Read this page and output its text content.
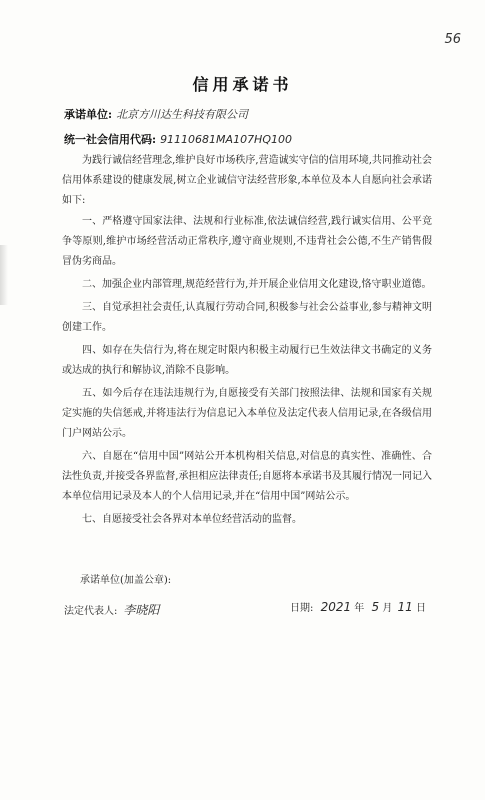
56
信用承诺书
承诺单位: 北京方川达生科技有限公司
统一社会信用代码: 91110681MA107HQ100

为践行诚信经营理念,维护良好市场秩序,营造诚实守信的信用环境,共同推动社会信用体系建设的健康发展,树立企业诚信守法经营形象,本单位及本人自愿向社会承诺如下:

一、严格遵守国家法律、法规和行业标准,依法诚信经营,践行诚实信用、公平竞争等原则,维护市场经营活动正常秩序,遵守商业规则,不违背社会公德,不生产销售假冒伪劣商品。

二、加强企业内部管理,规范经营行为,并开展企业信用文化建设,恪守职业道德。

三、自觉承担社会责任,认真履行劳动合同,积极参与社会公益事业,参与精神文明创建工作。

四、如存在失信行为,将在规定时限内积极主动履行已生效法律文书确定的义务或达成的执行和解协议,消除不良影响。

五、如今后存在违法违规行为,自愿接受有关部门按照法律、法规和国家有关规定实施的失信惩戒,并将违法行为信息记入本单位及法定代表人信用记录,在各级信用门户网站公示。

六、自愿在“信用中国”网站公开本机构相关信息,对信息的真实性、准确性、合法性负责,并接受各界监督,承担相应法律责任;自愿将本承诺书及其履行情况一同记入本单位信用记录及本人的个人信用记录,并在“信用中国”网站公示。

七、自愿接受社会各界对本单位经营活动的监督。

承诺单位(加盖公章):
法定代表人: 李晓阳	日期: 2021 年 5 月 11 日
